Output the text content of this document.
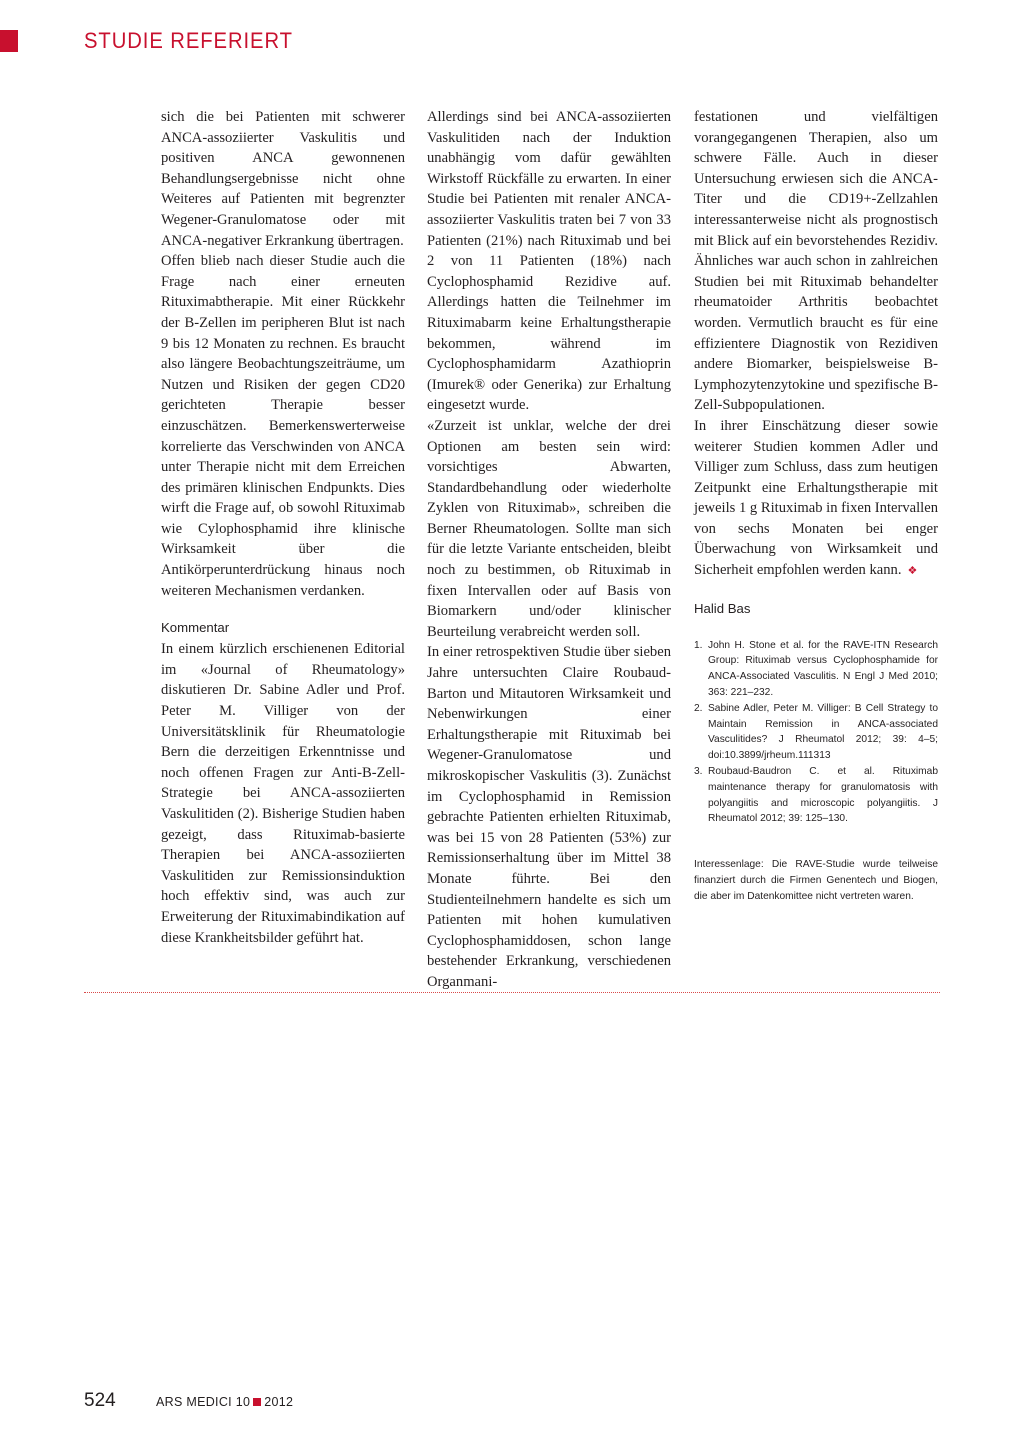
STUDIE REFERIERT

sich die bei Patienten mit schwerer ANCA-assoziierter Vaskulitis und positiven ANCA gewonnenen Behandlungsergebnisse nicht ohne Weiteres auf Patienten mit begrenzter Wegener-Granulomatose oder mit ANCA-negativer Erkrankung übertragen.

Offen blieb nach dieser Studie auch die Frage nach einer erneuten Rituximabtherapie. Mit einer Rückkehr der B-Zellen im peripheren Blut ist nach 9 bis 12 Monaten zu rechnen. Es braucht also längere Beobachtungszeiträume, um Nutzen und Risiken der gegen CD20 gerichteten Therapie besser einzuschätzen. Bemerkenswerterweise korrelierte das Verschwinden von ANCA unter Therapie nicht mit dem Erreichen des primären klinischen Endpunkts. Dies wirft die Frage auf, ob sowohl Rituximab wie Cylophosphamid ihre klinische Wirksamkeit über die Antikörperunterdrückung hinaus noch weiteren Mechanismen verdanken.

Kommentar

In einem kürzlich erschienenen Editorial im «Journal of Rheumatology» diskutieren Dr. Sabine Adler und Prof. Peter M. Villiger von der Universitätsklinik für Rheumatologie Bern die derzeitigen Erkenntnisse und noch offenen Fragen zur Anti-B-Zell-Strategie bei ANCA-assoziierten Vaskulitiden (2). Bisherige Studien haben gezeigt, dass Rituximab-basierte Therapien bei ANCA-assoziierten Vaskulitiden zur Remissionsinduktion hoch effektiv sind, was auch zur Erweiterung der Rituximabindikation auf diese Krankheitsbilder geführt hat.

Allerdings sind bei ANCA-assoziierten Vaskulitiden nach der Induktion unabhängig vom dafür gewählten Wirkstoff Rückfälle zu erwarten. In einer Studie bei Patienten mit renaler ANCA-assoziierter Vaskulitis traten bei 7 von 33 Patienten (21%) nach Rituximab und bei 2 von 11 Patienten (18%) nach Cyclophosphamid Rezidive auf. Allerdings hatten die Teilnehmer im Rituximabarm keine Erhaltungstherapie bekommen, während im Cyclophosphamidarm Azathioprin (Imurek® oder Generika) zur Erhaltung eingesetzt wurde.

«Zurzeit ist unklar, welche der drei Optionen am besten sein wird: vorsichtiges Abwarten, Standardbehandlung oder wiederholte Zyklen von Rituximab», schreiben die Berner Rheumatologen. Sollte man sich für die letzte Variante entscheiden, bleibt noch zu bestimmen, ob Rituximab in fixen Intervallen oder auf Basis von Biomarkern und/oder klinischer Beurteilung verabreicht werden soll.

In einer retrospektiven Studie über sieben Jahre untersuchten Claire Roubaud-Barton und Mitautoren Wirksamkeit und Nebenwirkungen einer Erhaltungstherapie mit Rituximab bei Wegener-Granulomatose und mikroskopischer Vaskulitis (3). Zunächst im Cyclophosphamid in Remission gebrachte Patienten erhielten Rituximab, was bei 15 von 28 Patienten (53%) zur Remissionserhaltung über im Mittel 38 Monate führte. Bei den Studienteilnehmern handelte es sich um Patienten mit hohen kumulativen Cyclophosphamiddosen, schon lange bestehender Erkrankung, verschiedenen Organmani-

festationen und vielfältigen vorangegangenen Therapien, also um schwere Fälle. Auch in dieser Untersuchung erwiesen sich die ANCA-Titer und die CD19+-Zellzahlen interessanterweise nicht als prognostisch mit Blick auf ein bevorstehendes Rezidiv. Ähnliches war auch schon in zahlreichen Studien bei mit Rituximab behandelter rheumatoider Arthritis beobachtet worden. Vermutlich braucht es für eine effizientere Diagnostik von Rezidiven andere Biomarker, beispielsweise B-Lymphozytenzytokine und spezifische B-Zell-Subpopulationen.

In ihrer Einschätzung dieser sowie weiterer Studien kommen Adler und Villiger zum Schluss, dass zum heutigen Zeitpunkt eine Erhaltungstherapie mit jeweils 1 g Rituximab in fixen Intervallen von sechs Monaten bei enger Überwachung von Wirksamkeit und Sicherheit empfohlen werden kann. ❖

Halid Bas
1. John H. Stone et al. for the RAVE-ITN Research Group: Rituximab versus Cyclophosphamide for ANCA-Associated Vasculitis. N Engl J Med 2010; 363: 221–232.
2. Sabine Adler, Peter M. Villiger: B Cell Strategy to Maintain Remission in ANCA-associated Vasculitides? J Rheumatol 2012; 39: 4–5; doi:10.3899/jrheum.111313
3. Roubaud-Baudron C. et al. Rituximab maintenance therapy for granulomatosis with polyangiitis and microscopic polyangiitis. J Rheumatol 2012; 39: 125–130.
Interessenlage: Die RAVE-Studie wurde teilweise finanziert durch die Firmen Genentech und Biogen, die aber im Datenkomittee nicht vertreten waren.
524	ARS MEDICI 10 2012
